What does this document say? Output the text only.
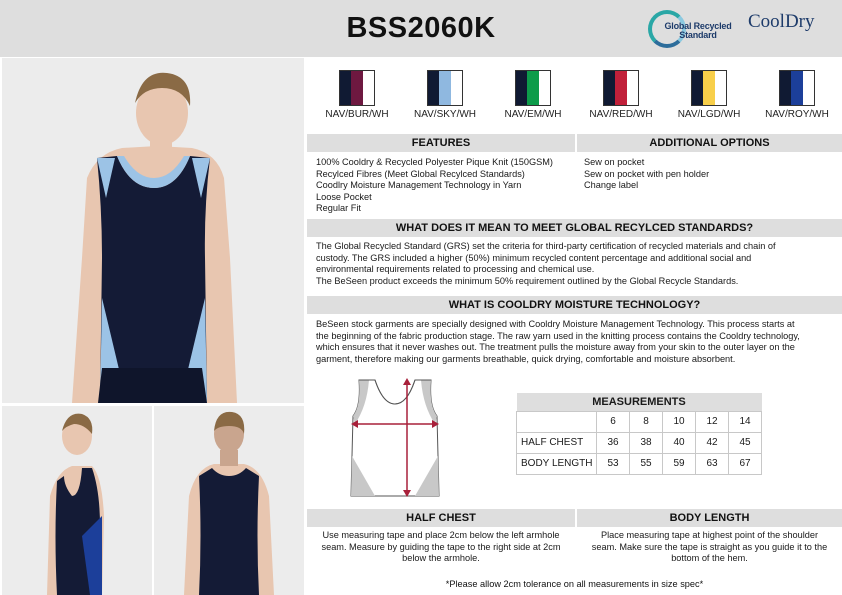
BSS2060K	Global Recycled Standard
CoolDry
NAV/BUR/WH	NAV/SKY/WH	NAV/EM/WH	NAV/RED/WH	NAV/LGD/WH	NAV/ROY/WH
FEATURES	ADDITIONAL OPTIONS

100% Cooldry & Recycled Polyester Pique Knit (150GSM)

Recylced Fibres (Meet Global Recylced Standards)

Coodlry Moisture Management Technology in Yarn

Loose Pocket

Regular Fit

Sew on pocket

Sew on pocket with pen holder

Change label

WHAT DOES IT MEAN TO MEET GLOBAL RECYLCED STANDARDS?

The Global Recycled Standard (GRS) set the criteria for third-party certification of recycled materials and chain of

custody. The GRS included a higher (50%) minimum recycled content percentage and additional social and

environmental requirements related to processing and chemical use.

The BeSeen product exceeds the minimum 50% requirement outlined by the Global Recycle Standards.

WHAT IS COOLDRY MOISTURE TECHNOLOGY?

BeSeen stock garments are specially designed with Cooldry Moisture Management Technology. This process starts at

the beginning of the fabric production stage. The raw yarn used in the knitting process contains the Cooldry technology,

which ensures that it never washes out. The treatment pulls the moisture away from your skin to the outer layer on the

garment, therefore making our garments breathable, quick drying, comfortable and moisture absorbent.

MEASUREMENTS					
	6	8	10	12	14
HALF CHEST	36	38	40	42	45
BODY LENGTH	53	55	59	63	67
HALF CHEST	BODY LENGTH

Use measuring tape and place 2cm below the left armhole

seam. Measure by guiding the tape to the right side at 2cm

below the armhole.

Place measuring tape at highest point of the shoulder

seam. Make sure the tape is straight as you guide it to the

bottom of the hem.

*Please allow 2cm tolerance on all measurements in size spec*
